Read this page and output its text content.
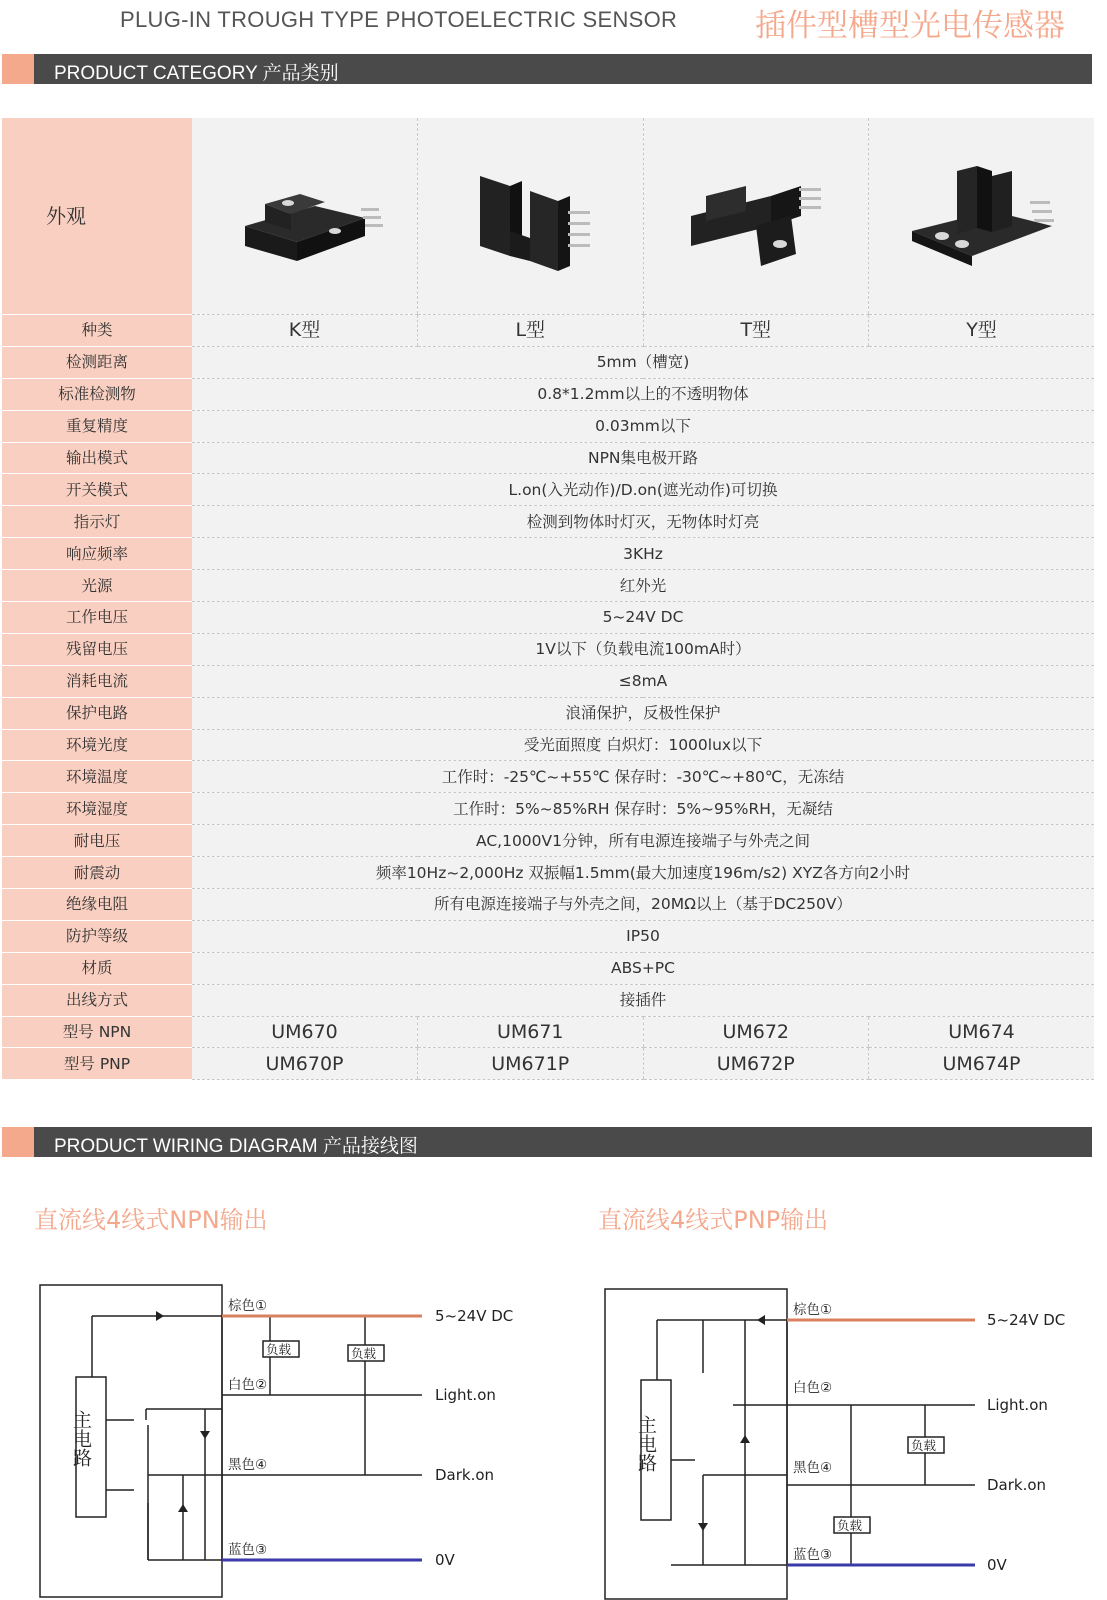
PLUG-IN TROUGH TYPE PHOTOELECTRIC SENSOR	插件型槽型光电传感器
PRODUCT CATEGORY 产品类别
外观	

种类	K型	L型	T型	Y型
检测距离	5mm（槽宽)			
标准检测物	0.8*1.2mm以上的不透明物体			
重复精度	0.03mm以下			
输出模式	NPN集电极开路			
开关模式	L.on(入光动作)/D.on(遮光动作)可切换			
指示灯	检测到物体时灯灭，无物体时灯亮			
响应频率	3KHz			
光源	红外光			
工作电压	5~24V DC			
残留电压	1V以下（负载电流100mA时）			
消耗电流	≤8mA			
保护电路	浪涌保护，反极性保护			
环境光度	受光面照度 白炽灯：1000lux以下			
环境温度	工作时：-25℃~+55℃ 保存时：-30℃~+80℃，无冻结			
环境湿度	工作时：5%~85%RH 保存时：5%~95%RH，无凝结			
耐电压	AC,1000V1分钟，所有电源连接端子与外壳之间			
耐震动	频率10Hz~2,000Hz 双振幅1.5mm(最大加速度196m/s2) XYZ各方向2小时			
绝缘电阻	所有电源连接端子与外壳之间，20MΩ以上（基于DC250V）			
防护等级	IP50			
材质	ABS+PC			
出线方式	接插件			
型号 NPN	UM670	UM671	UM672	UM674
型号 PNP	UM670P	UM671P	UM672P	UM674P
PRODUCT WIRING DIAGRAM 产品接线图
直流线4线式NPN输出	直流线4线式PNP输出
主电路
棕色①
白色②
黑色④
蓝色③
负载	负载
5~24V DC
Light.on
Dark.on
0V
主电路
棕色①
白色②
黑色④
蓝色③
负载
负载
5~24V DC
Light.on
Dark.on
0V
